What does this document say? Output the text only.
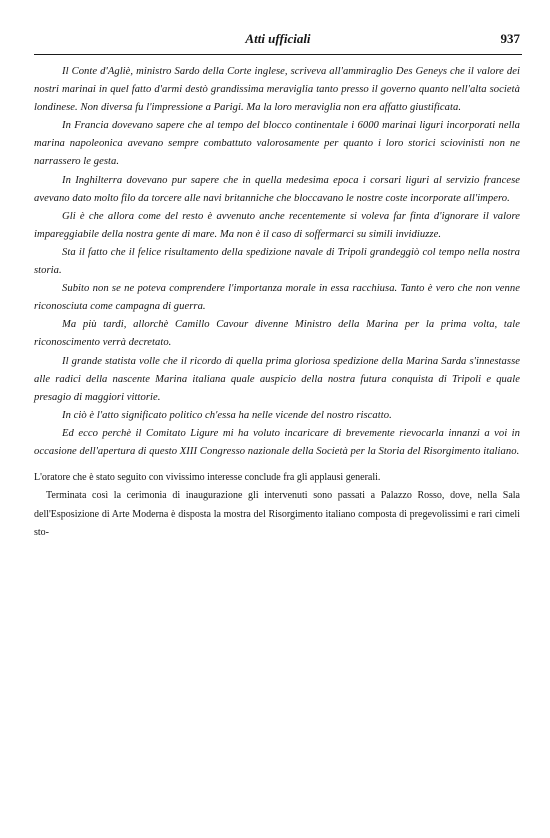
Atti ufficiali	937

Il Conte d'Agliè, ministro Sardo della Corte inglese, scriveva all'ammiraglio Des Geneys che il valore dei nostri marinai in quel fatto d'armi destò grandissima meraviglia tanto presso il governo quanto nell'alta società londinese. Non diversa fu l'impressione a Parigi. Ma la loro meraviglia non era affatto giustificata.

In Francia dovevano sapere che al tempo del blocco continentale i 6000 marinai liguri incorporati nella marina napoleonica avevano sempre combattuto valorosamente per quanto i loro storici sciovinisti non ne narrassero le gesta.

In Inghilterra dovevano pur sapere che in quella medesima epoca i corsari liguri al servizio francese avevano dato molto filo da torcere alle navi britanniche che bloccavano le nostre coste incorporate all'impero.

Gli è che allora come del resto è avvenuto anche recentemente si voleva far finta d'ignorare il valore impareggiabile della nostra gente di mare. Ma non è il caso di soffermarci su simili invidiuzze.

Sta il fatto che il felice risultamento della spedizione navale di Tripoli grandeggiò col tempo nella nostra storia.

Subito non se ne poteva comprendere l'importanza morale in essa racchiusa. Tanto è vero che non venne riconosciuta come campagna di guerra.

Ma più tardi, allorchè Camillo Cavour divenne Ministro della Marina per la prima volta, tale riconoscimento verrà decretato.

Il grande statista volle che il ricordo di quella prima gloriosa spedizione della Marina Sarda s'innestasse alle radici della nascente Marina italiana quale auspicio della nostra futura conquista di Tripoli e quale presagio di maggiori vittorie.

In ciò è l'atto significato politico ch'essa ha nelle vicende del nostro riscatto.

Ed ecco perchè il Comitato Ligure mi ha voluto incaricare di brevemente rievocarla innanzi a voi in occasione dell'apertura di questo XIII Congresso nazionale della Società per la Storia del Risorgimento italiano.

L'oratore che è stato seguito con vivissimo interesse conclude fra gli applausi generali.

Terminata così la cerimonia di inaugurazione gli intervenuti sono passati a Palazzo Rosso, dove, nella Sala dell'Esposizione di Arte Moderna è disposta la mostra del Risorgimento italiano composta di pregevolissimi e rari cimeli sto-
